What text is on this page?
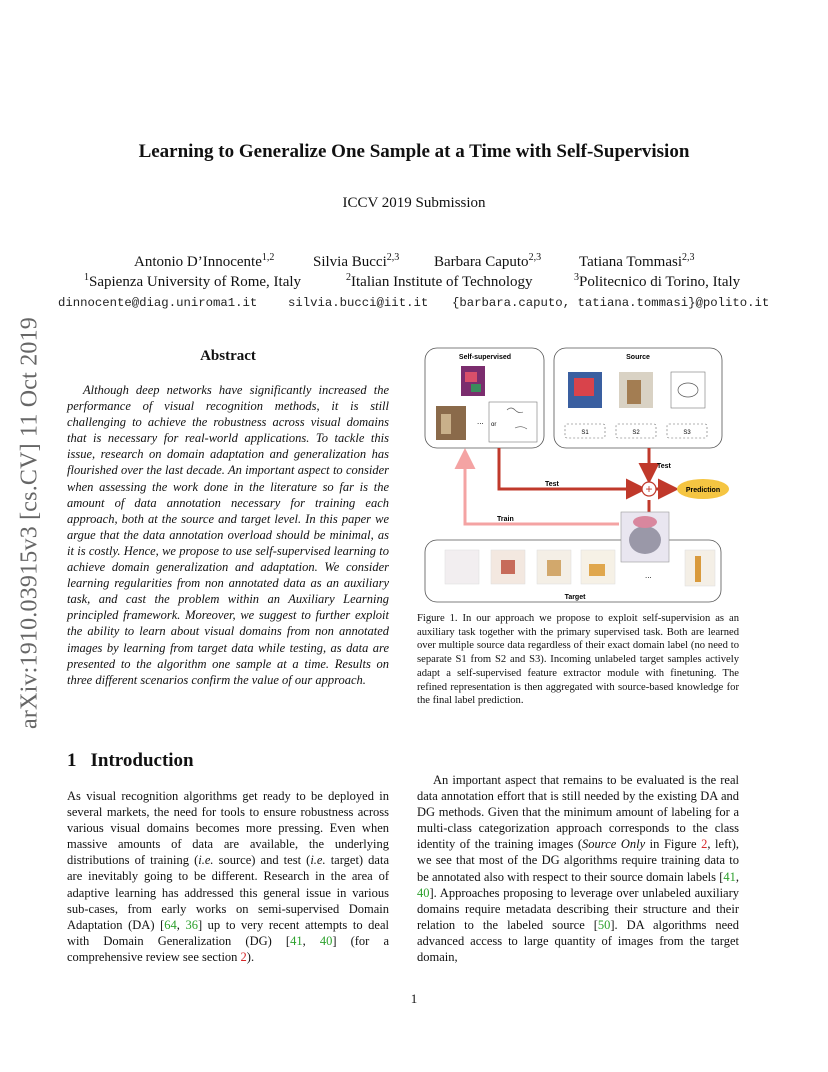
arXiv:1910.03915v3 [cs.CV] 11 Oct 2019
Learning to Generalize One Sample at a Time with Self-Supervision
ICCV 2019 Submission
Antonio D’Innocente$^{1,2}$	Silvia Bucci$^{2,3}$ Barbara Caputo$^{2,3}$	Tatiana Tommasi$^{2,3}$
$^1$Sapienza University of Rome, Italy	$^2$Italian Institute of Technology	$^3$Politecnico di Torino, Italy
dinnocente@diag.uniroma1.it	silvia.bucci@iit.it {barbara.caputo, tatiana.tommasi}@polito.it
Abstract

Although deep networks have significantly increased the performance of visual recognition methods, it is still challenging to achieve the robustness across visual domains that is necessary for real-world applications. To tackle this issue, research on domain adaptation and generalization has flourished over the last decade. An important aspect to consider when assessing the work done in the literature so far is the amount of data annotation necessary for training each approach, both at the source and target level. In this paper we argue that the data annotation overload should be minimal, as it is costly. Hence, we propose to use self-supervised learning to achieve domain generalization and adaptation. We consider learning regularities from non annotated data as an auxiliary task, and cast the problem within an Auxiliary Learning principled framework. Moreover, we suggest to further exploit the ability to learn about visual domains from non annotated images by learning from target data while testing, as data are presented to the algorithm one sample at a time. Results on three different scenarios confirm the value of our approach.

Self-supervised
... or
Source
S1	S2	S3
Test
Test	+	Prediction
Train
...
Target

Figure 1. In our approach we propose to exploit self-supervision as an auxiliary task together with the primary supervised task. Both are learned over multiple source data regardless of their exact domain label (no need to separate S1 from S2 and S3). Incoming unlabeled target samples actively adapt a self-supervised feature extractor module with finetuning. The refined representation is then aggregated with source-based knowledge for the final label prediction.

1 Introduction

As visual recognition algorithms get ready to be deployed in several markets, the need for tools to ensure robustness across various visual domains becomes more pressing. Even when massive amounts of data are available, the underlying distributions of training (i.e. source) and test (i.e. target) data are inevitably going to be different. Research in the area of adaptive learning has addressed this general issue in various sub-cases, from early works on semi-supervised Domain Adaptation (DA) [64, 36] up to very recent attempts to deal with Domain Generalization (DG) [41, 40] (for a comprehensive review see section 2).

An important aspect that remains to be evaluated is the real data annotation effort that is still needed by the existing DA and DG methods. Given that the minimum amount of labeling for a multi-class categorization approach corresponds to the class identity of the training images (Source Only in Figure 2, left), we see that most of the DG algorithms require training data to be annotated also with respect to their source domain labels [41, 40]. Approaches proposing to leverage over unlabeled auxiliary domains require metadata describing their structure and their relation to the labeled source [50]. DA algorithms need advanced access to large quantity of images from the target domain,

1
